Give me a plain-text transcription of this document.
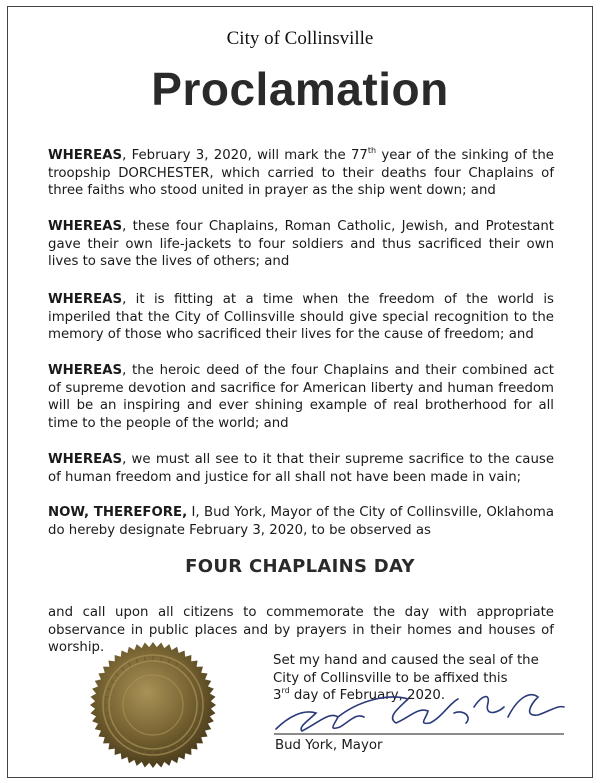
City of Collinsville
Proclamation

WHEREAS, February 3, 2020, will mark the 77th year of the sinking of the troopship DORCHESTER, which carried to their deaths four Chaplains of three faiths who stood united in prayer as the ship went down; and

WHEREAS, these four Chaplains, Roman Catholic, Jewish, and Protestant gave their own life-jackets to four soldiers and thus sacrificed their own lives to save the lives of others; and

WHEREAS, it is fitting at a time when the freedom of the world is imperiled that the City of Collinsville should give special recognition to the memory of those who sacrificed their lives for the cause of freedom; and

WHEREAS, the heroic deed of the four Chaplains and their combined act of supreme devotion and sacrifice for American liberty and human freedom will be an inspiring and ever shining example of real brotherhood for all time to the people of the world; and

WHEREAS, we must all see to it that their supreme sacrifice to the cause of human freedom and justice for all shall not have been made in vain;

NOW, THEREFORE, I, Bud York, Mayor of the City of Collinsville, Oklahoma do hereby designate February 3, 2020, to be observed as

FOUR CHAPLAINS DAY

and call upon all citizens to commemorate the day with appropriate observance in public places and by prayers in their homes and houses of worship.

Set my hand and caused the seal of the
City of Collinsville to be affixed this
3rd day of February, 2020.
Bud York, Mayor
